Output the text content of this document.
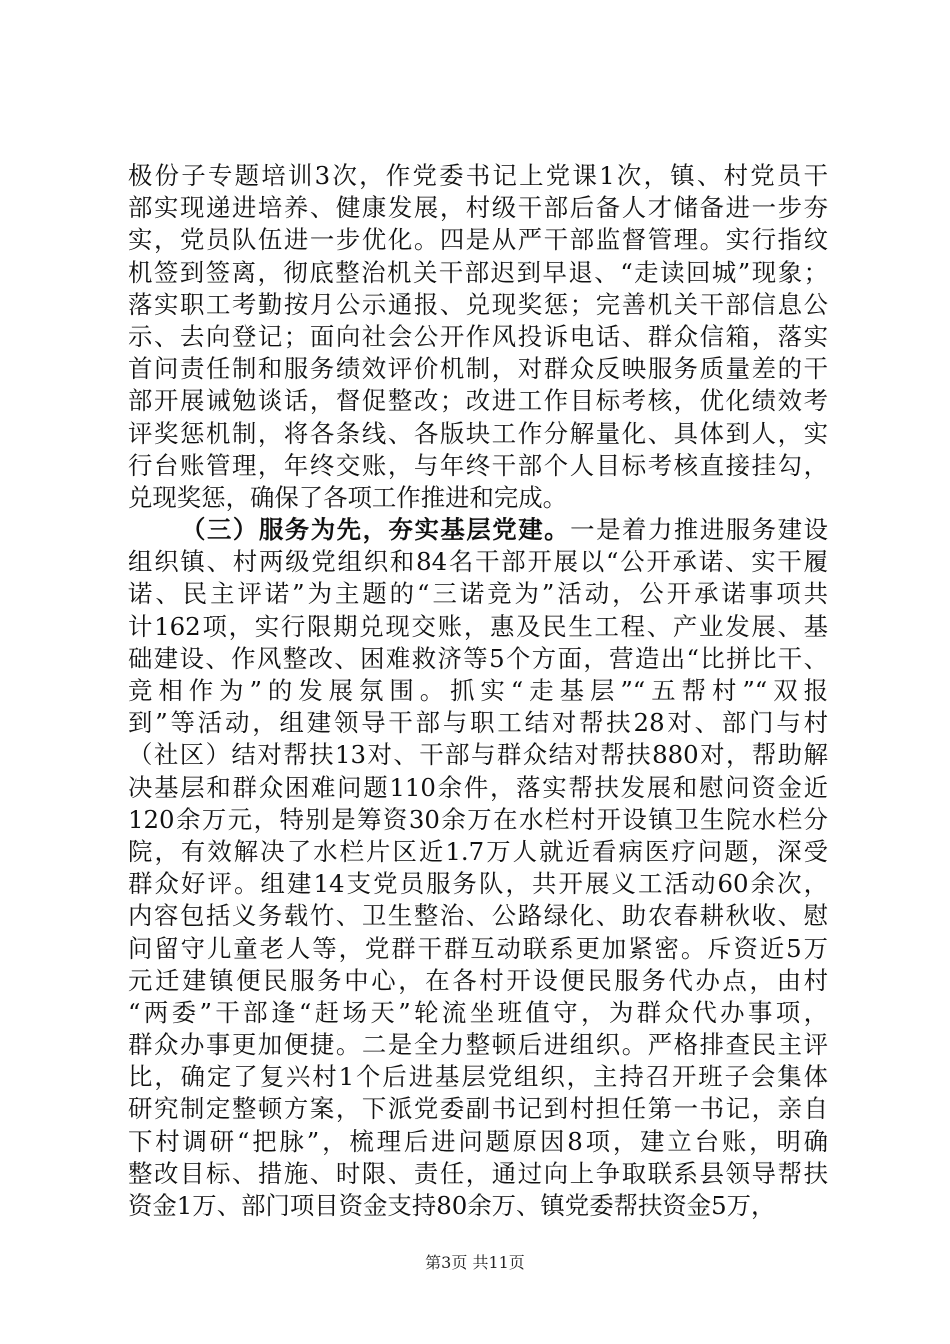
极份子专题培训3次，作党委书记上党课1次，镇、村党员干
部实现递进培养、健康发展，村级干部后备人才储备进一步夯
实，党员队伍进一步优化。四是从严干部监督管理。实行指纹
机签到签离，彻底整治机关干部迟到早退、“走读回城”现象；
落实职工考勤按月公示通报、兑现奖惩；完善机关干部信息公
示、去向登记；面向社会公开作风投诉电话、群众信箱，落实
首问责任制和服务绩效评价机制，对群众反映服务质量差的干
部开展诫勉谈话，督促整改；改进工作目标考核，优化绩效考
评奖惩机制，将各条线、各版块工作分解量化、具体到人，实
行台账管理，年终交账，与年终干部个人目标考核直接挂勾，
兑现奖惩，确保了各项工作推进和完成。
（三）服务为先，夯实基层党建。一是着力推进服务建设
组织镇、村两级党组织和84名干部开展以“公开承诺、实干履
诺、民主评诺”为主题的“三诺竞为”活动，公开承诺事项共
计162项，实行限期兑现交账，惠及民生工程、产业发展、基
础建设、作风整改、困难救济等5个方面，营造出“比拼比干、
竞相作为”的发展氛围。抓实“走基层”“五帮村”“双报
到”等活动，组建领导干部与职工结对帮扶28对、部门与村
（社区）结对帮扶13对、干部与群众结对帮扶880对，帮助解
决基层和群众困难问题110余件，落实帮扶发展和慰问资金近
120余万元，特别是筹资30余万在水栏村开设镇卫生院水栏分
院，有效解决了水栏片区近1.7万人就近看病医疗问题，深受
群众好评。组建14支党员服务队，共开展义工活动60余次，
内容包括义务载竹、卫生整治、公路绿化、助农春耕秋收、慰
问留守儿童老人等，党群干群互动联系更加紧密。斥资近5万
元迁建镇便民服务中心，在各村开设便民服务代办点，由村
“两委”干部逢“赶场天”轮流坐班值守，为群众代办事项，
群众办事更加便捷。二是全力整顿后进组织。严格排查民主评
比，确定了复兴村1个后进基层党组织，主持召开班子会集体
研究制定整顿方案，下派党委副书记到村担任第一书记，亲自
下村调研“把脉”，梳理后进问题原因8项，建立台账，明确
整改目标、措施、时限、责任，通过向上争取联系县领导帮扶
资金1万、部门项目资金支持80余万、镇党委帮扶资金5万，
第3页 共11页
